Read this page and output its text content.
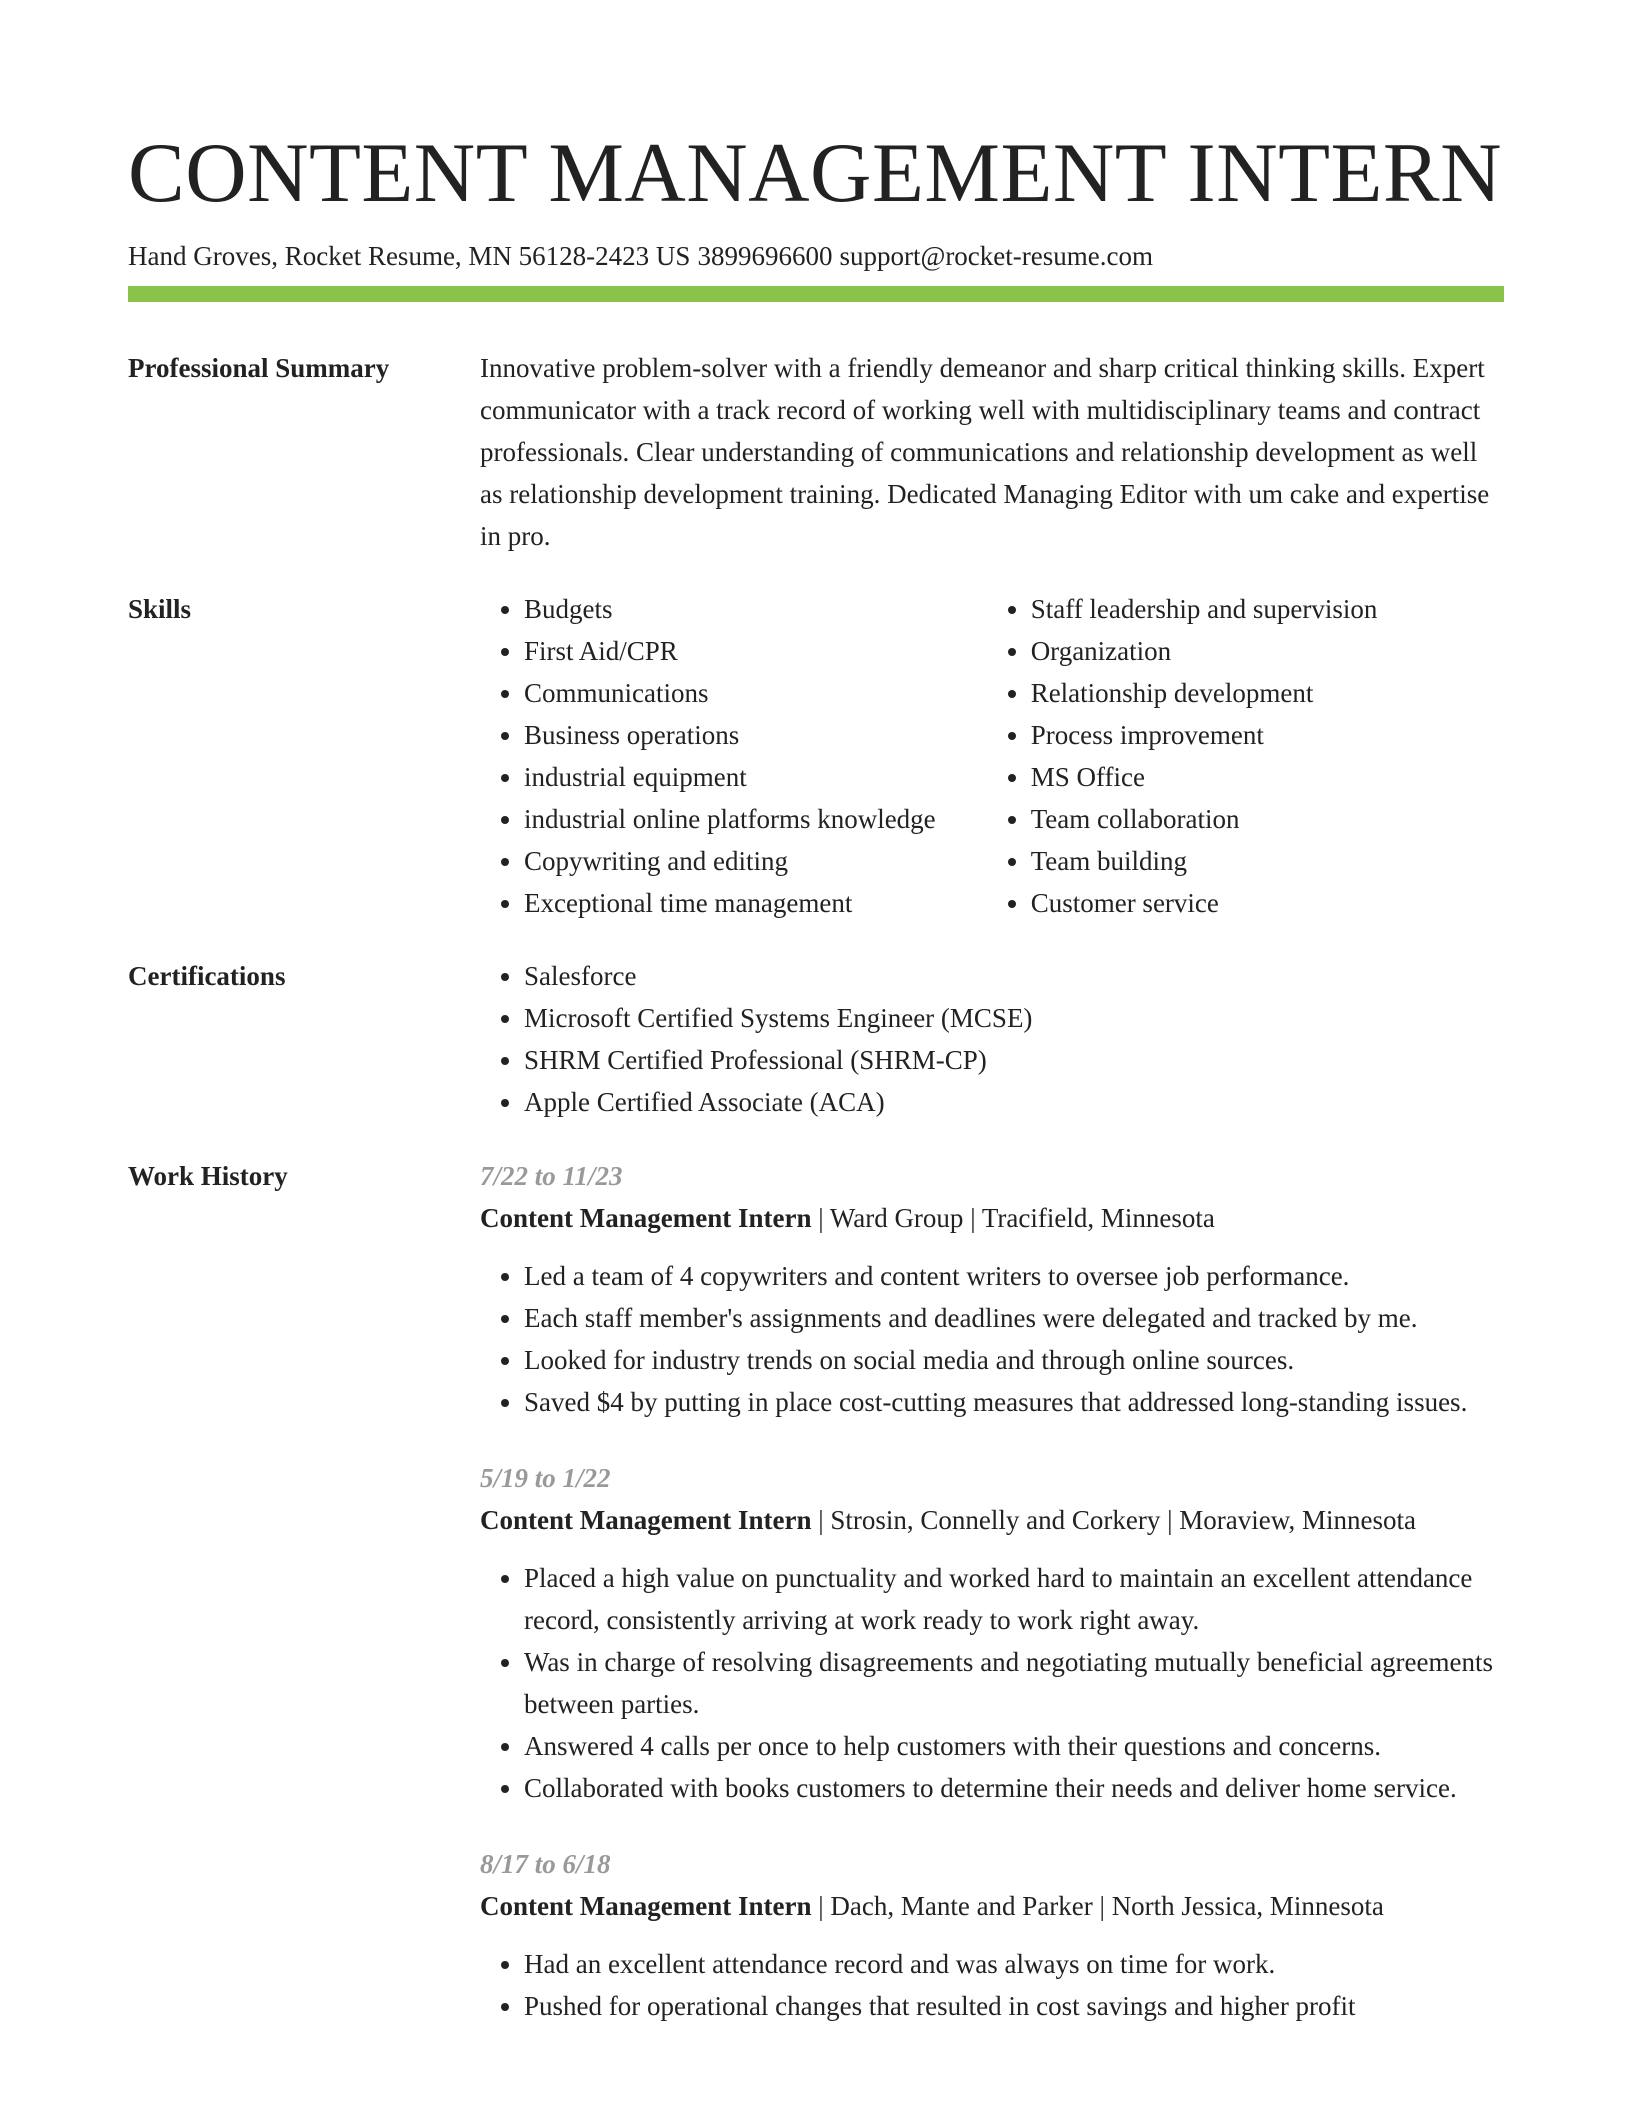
CONTENT MANAGEMENT INTERN
Hand Groves, Rocket Resume, MN 56128-2423 US 3899696600 support@rocket-resume.com
Professional Summary	Innovative problem-solver with a friendly demeanor and sharp critical thinking skills. Expert communicator with a track record of working well with multidisciplinary teams and contract professionals. Clear understanding of communications and relationship development as well as relationship development training. Dedicated Managing Editor with um cake and expertise in pro.

Skills	• Budgets
• First Aid/CPR
• Communications
• Business operations
• industrial equipment
• industrial online platforms knowledge
• Copywriting and editing
• Exceptional time management
• Staff leadership and supervision
• Organization
• Relationship development
• Process improvement
• MS Office
• Team collaboration
• Team building
• Customer service
Certifications	• Salesforce
• Microsoft Certified Systems Engineer (MCSE)
• SHRM Certified Professional (SHRM-CP)
• Apple Certified Associate (ACA)
Work History	7/22 to 11/23
Content Management Intern | Ward Group | Tracifield, Minnesota
• Led a team of 4 copywriters and content writers to oversee job performance.
• Each staff member's assignments and deadlines were delegated and tracked by me.
• Looked for industry trends on social media and through online sources.
• Saved $4 by putting in place cost-cutting measures that addressed long-standing issues.
5/19 to 1/22
Content Management Intern | Strosin, Connelly and Corkery | Moraview, Minnesota
• Placed a high value on punctuality and worked hard to maintain an excellent attendance record, consistently arriving at work ready to work right away.
• Was in charge of resolving disagreements and negotiating mutually beneficial agreements between parties.
• Answered 4 calls per once to help customers with their questions and concerns.
• Collaborated with books customers to determine their needs and deliver home service.
8/17 to 6/18
Content Management Intern | Dach, Mante and Parker | North Jessica, Minnesota
• Had an excellent attendance record and was always on time for work.
• Pushed for operational changes that resulted in cost savings and higher profit
